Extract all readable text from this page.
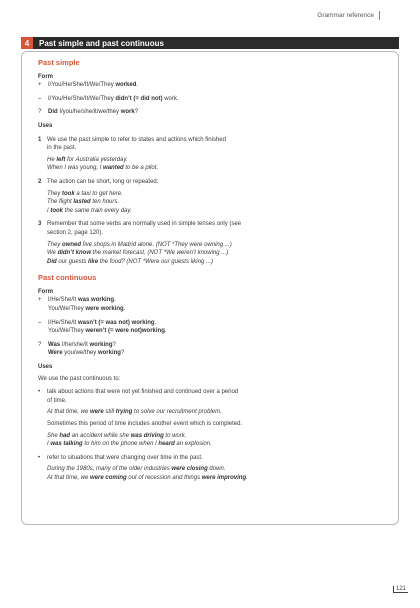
Grammar reference
4	Past simple and past continuous

Past simple

Form

+ I/You/He/She/It/We/They worked.

– I/You/He/She/It/We/They didn’t (= did not) work.

? Did I/you/he/she/it/we/they work?

Uses

1 We use the past simple to refer to states and actions which finished

in the past.

He left for Australia yesterday.

When I was young, I wanted to be a pilot.

2 The action can be short, long or repeated.

They took a taxi to get here.

The flight lasted ten hours.

I took the same train every day.

3 Remember that some verbs are normally used in simple tenses only (see

section 2, page 120).

They owned five shops in Madrid alone. (NOT *They were owning ...)

We didn’t know the market forecast. (NOT *We weren’t knowing ...)

Did our guests like the food? (NOT *Were our guests liking ...)

Past continuous

Form

+ I/He/She/It was working.

You/We/They were working.

– I/He/She/It wasn’t (= was not) working.

You/We/They weren’t (= were not)working.

? Was I/he/she/it working?

Were you/we/they working?

Uses

We use the past continuous to:

• talk about actions that were not yet finished and continued over a period

of time.

At that time, we were still trying to solve our recruitment problem.

Sometimes this period of time includes another event which is completed.

She had an accident while she was driving to work.

I was talking to him on the phone when I heard an explosion.

• refer to situations that were changing over time in the past.

During the 1980s, many of the older industries were closing down.

At that time, we were coming out of recession and things were improving.

121
